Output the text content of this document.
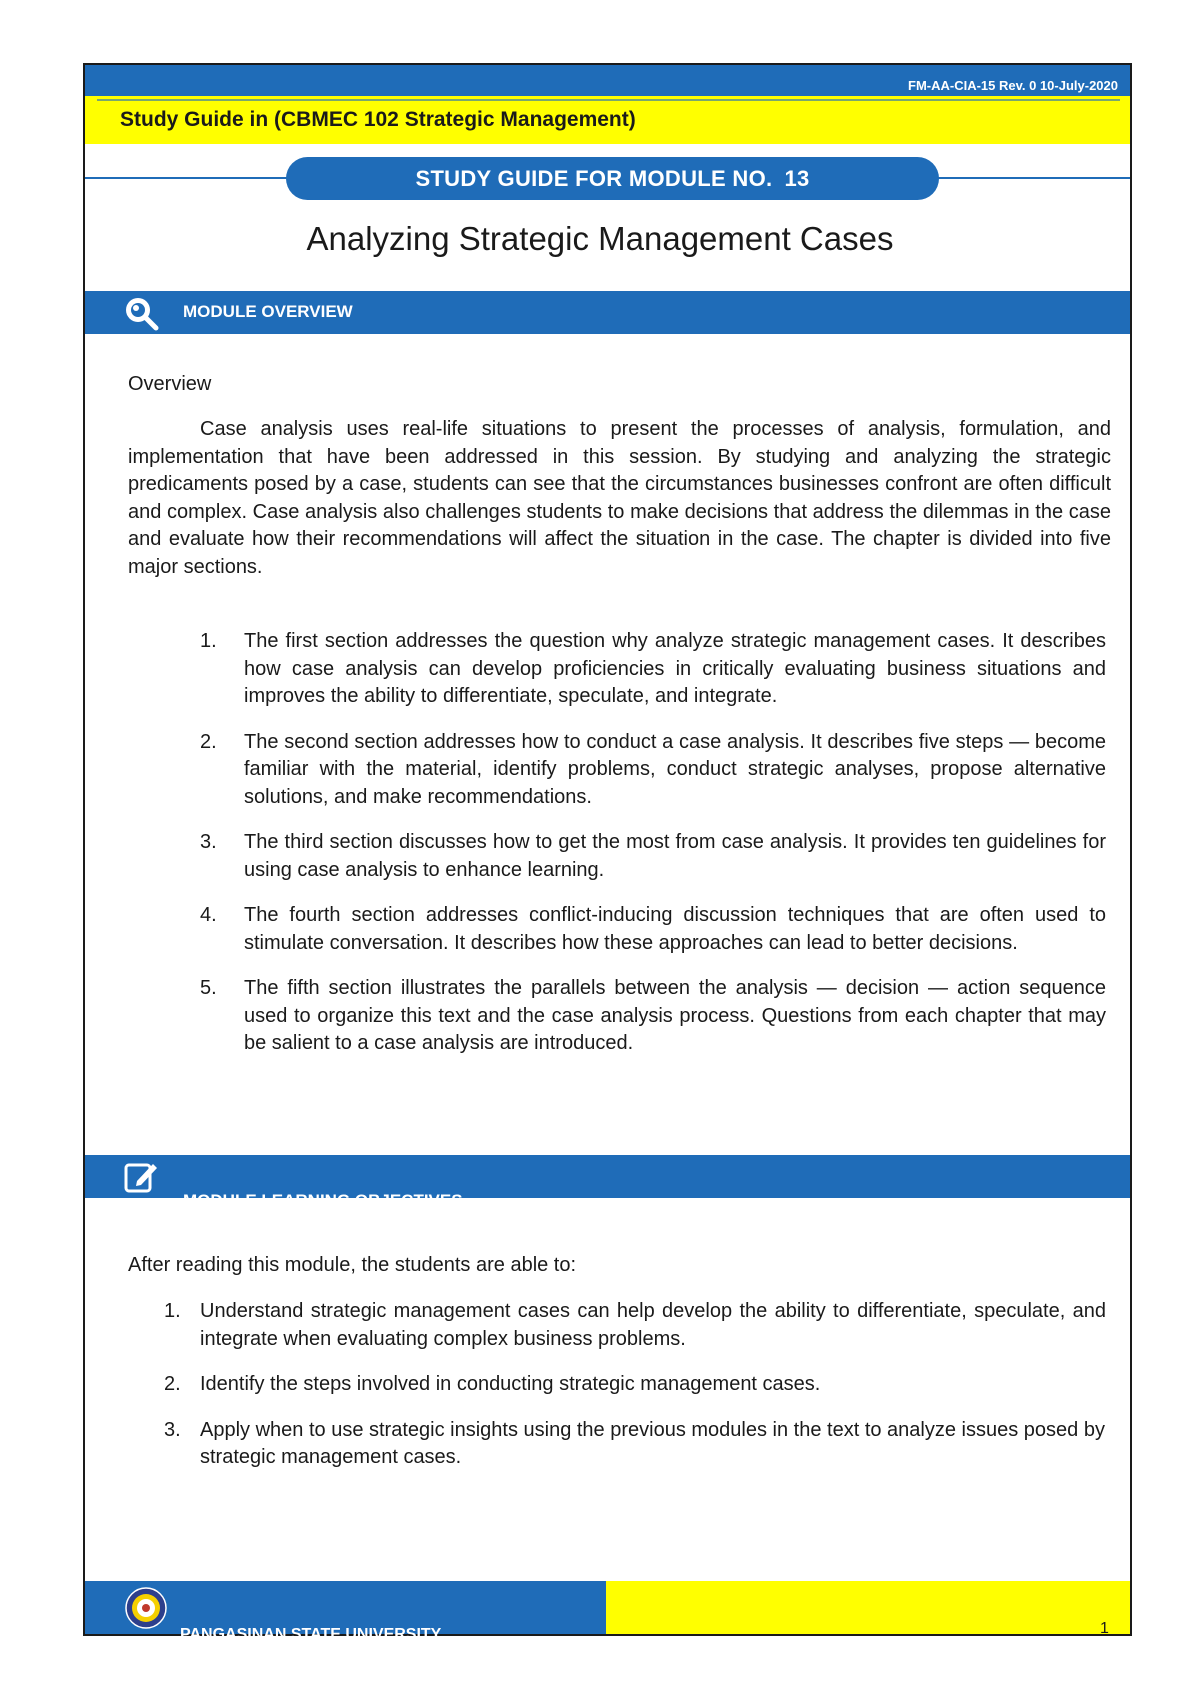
FM-AA-CIA-15 Rev. 0 10-July-2020
Study Guide in (CBMEC 102 Strategic Management)
STUDY GUIDE FOR MODULE NO. 13
Analyzing Strategic Management Cases
MODULE OVERVIEW
Overview

Case analysis uses real-life situations to present the processes of analysis, formulation, and implementation that have been addressed in this session. By studying and analyzing the strategic predicaments posed by a case, students can see that the circumstances businesses confront are often difficult and complex. Case analysis also challenges students to make decisions that address the dilemmas in the case and evaluate how their recommendations will affect the situation in the case. The chapter is divided into five major sections.

1. The first section addresses the question why analyze strategic management cases. It describes how case analysis can develop proficiencies in critically evaluating business situations and improves the ability to differentiate, speculate, and integrate.
2. The second section addresses how to conduct a case analysis. It describes five steps — become familiar with the material, identify problems, conduct strategic analyses, propose alternative solutions, and make recommendations.
3. The third section discusses how to get the most from case analysis. It provides ten guidelines for using case analysis to enhance learning.
4. The fourth section addresses conflict-inducing discussion techniques that are often used to stimulate conversation. It describes how these approaches can lead to better decisions.
5. The fifth section illustrates the parallels between the analysis — decision — action sequence used to organize this text and the case analysis process. Questions from each chapter that may be salient to a case analysis are introduced.
MODULE LEARNING OBJECTIVES
After reading this module, the students are able to:
1. Understand strategic management cases can help develop the ability to differentiate, speculate, and integrate when evaluating complex business problems.
2. Identify the steps involved in conducting strategic management cases.
3. Apply when to use strategic insights using the previous modules in the text to analyze issues posed by strategic management cases.
PANGASINAN STATE UNIVERSITY	1
